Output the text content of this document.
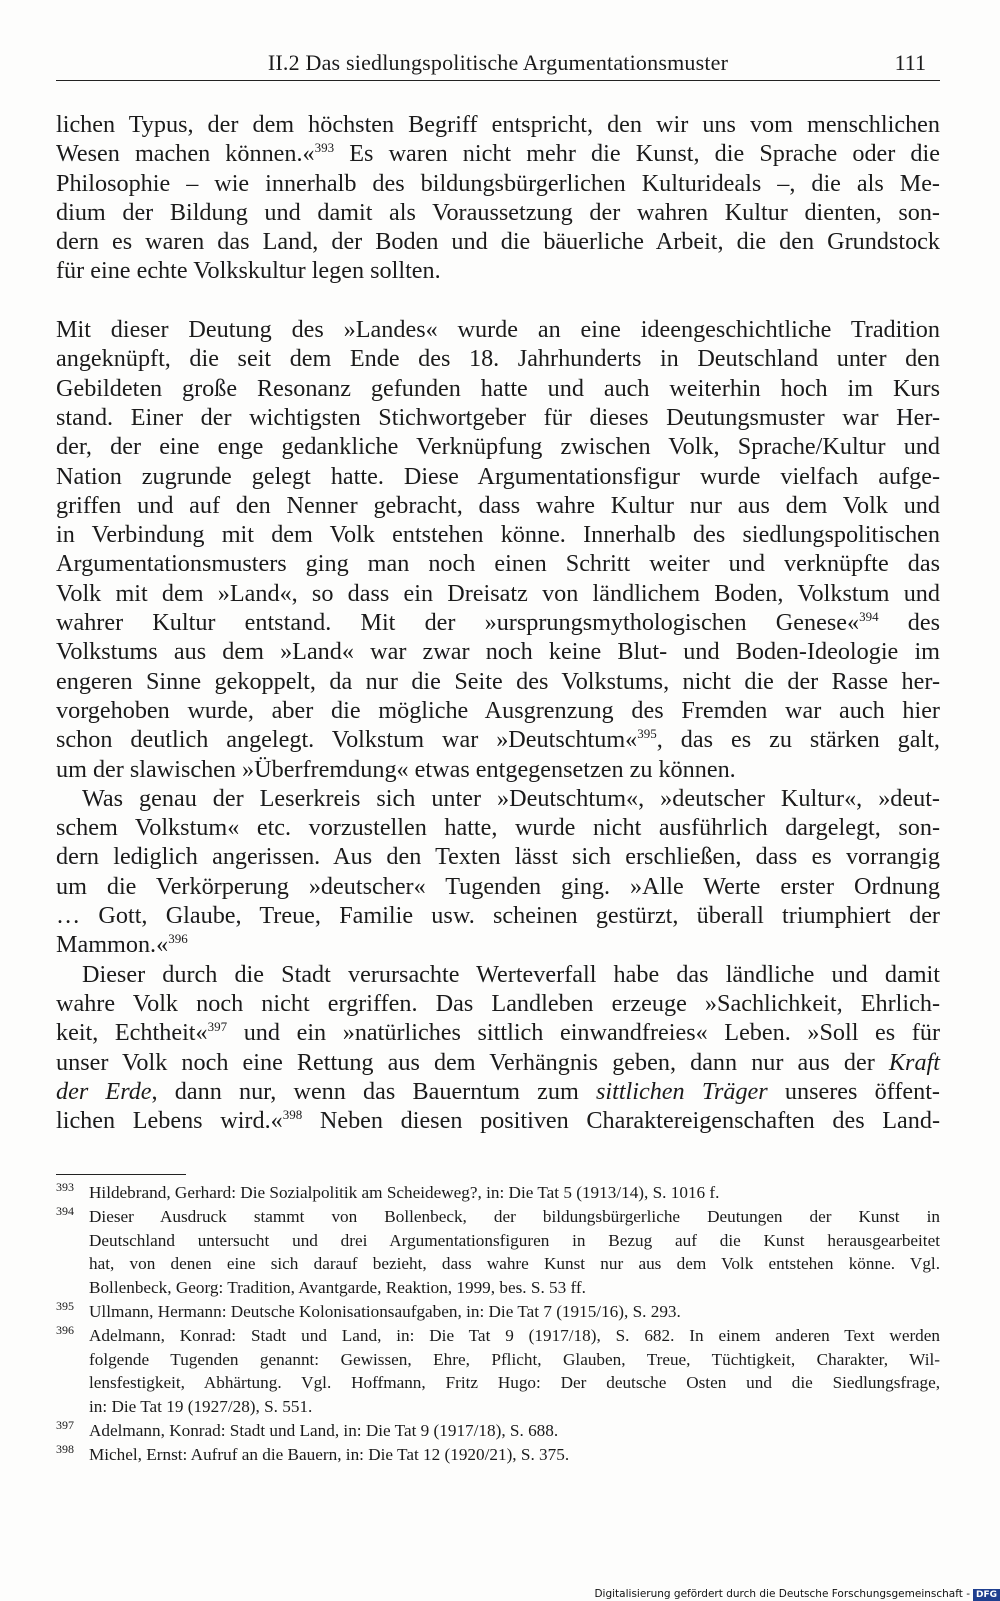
II.2 Das siedlungspolitische Argumentationsmuster	111
lichen Typus, der dem höchsten Begriff entspricht, den wir uns vom menschlichen
Wesen machen können.«$^{393}$ Es waren nicht mehr die Kunst, die Sprache oder die
Philosophie – wie innerhalb des bildungsbürgerlichen Kulturideals –, die als Me-
dium der Bildung und damit als Voraussetzung der wahren Kultur dienten, son-
dern es waren das Land, der Boden und die bäuerliche Arbeit, die den Grundstock
für eine echte Volkskultur legen sollten.
Mit dieser Deutung des »Landes« wurde an eine ideengeschichtliche Tradition
angeknüpft, die seit dem Ende des 18. Jahrhunderts in Deutschland unter den
Gebildeten große Resonanz gefunden hatte und auch weiterhin hoch im Kurs
stand. Einer der wichtigsten Stichwortgeber für dieses Deutungsmuster war Her-
der, der eine enge gedankliche Verknüpfung zwischen Volk, Sprache/Kultur und
Nation zugrunde gelegt hatte. Diese Argumentationsfigur wurde vielfach aufge-
griffen und auf den Nenner gebracht, dass wahre Kultur nur aus dem Volk und
in Verbindung mit dem Volk entstehen könne. Innerhalb des siedlungspolitischen
Argumentationsmusters ging man noch einen Schritt weiter und verknüpfte das
Volk mit dem »Land«, so dass ein Dreisatz von ländlichem Boden, Volkstum und
wahrer Kultur entstand. Mit der »ursprungsmythologischen Genese«$^{394}$ des
Volkstums aus dem »Land« war zwar noch keine Blut- und Boden-Ideologie im
engeren Sinne gekoppelt, da nur die Seite des Volkstums, nicht die der Rasse her-
vorgehoben wurde, aber die mögliche Ausgrenzung des Fremden war auch hier
schon deutlich angelegt. Volkstum war »Deutschtum«$^{395}$, das es zu stärken galt,
um der slawischen »Überfremdung« etwas entgegensetzen zu können.
Was genau der Leserkreis sich unter »Deutschtum«, »deutscher Kultur«, »deut-
schem Volkstum« etc. vorzustellen hatte, wurde nicht ausführlich dargelegt, son-
dern lediglich angerissen. Aus den Texten lässt sich erschließen, dass es vorrangig
um die Verkörperung »deutscher« Tugenden ging. »Alle Werte erster Ordnung
… Gott, Glaube, Treue, Familie usw. scheinen gestürzt, überall triumphiert der
Mammon.«$^{396}$
Dieser durch die Stadt verursachte Werteverfall habe das ländliche und damit
wahre Volk noch nicht ergriffen. Das Landleben erzeuge »Sachlichkeit, Ehrlich-
keit, Echtheit«$^{397}$ und ein »natürliches sittlich einwandfreies« Leben. »Soll es für
unser Volk noch eine Rettung aus dem Verhängnis geben, dann nur aus der Kraft
der Erde, dann nur, wenn das Bauerntum zum sittlichen Träger unseres öffent-
lichen Lebens wird.«$^{398}$ Neben diesen positiven Charaktereigenschaften des Land-
393 Hildebrand, Gerhard: Die Sozialpolitik am Scheideweg?, in: Die Tat 5 (1913/14), S. 1016 f.
394 Dieser Ausdruck stammt von Bollenbeck, der bildungsbürgerliche Deutungen der Kunst in
Deutschland untersucht und drei Argumentationsfiguren in Bezug auf die Kunst herausgearbeitet
hat, von denen eine sich darauf bezieht, dass wahre Kunst nur aus dem Volk entstehen könne. Vgl.
Bollenbeck, Georg: Tradition, Avantgarde, Reaktion, 1999, bes. S. 53 ff.
395 Ullmann, Hermann: Deutsche Kolonisationsaufgaben, in: Die Tat 7 (1915/16), S. 293.
396 Adelmann, Konrad: Stadt und Land, in: Die Tat 9 (1917/18), S. 682. In einem anderen Text werden
folgende Tugenden genannt: Gewissen, Ehre, Pflicht, Glauben, Treue, Tüchtigkeit, Charakter, Wil-
lensfestigkeit, Abhärtung. Vgl. Hoffmann, Fritz Hugo: Der deutsche Osten und die Siedlungsfrage,
in: Die Tat 19 (1927/28), S. 551.
397 Adelmann, Konrad: Stadt und Land, in: Die Tat 9 (1917/18), S. 688.
398 Michel, Ernst: Aufruf an die Bauern, in: Die Tat 12 (1920/21), S. 375.
Digitalisierung gefördert durch die Deutsche Forschungsgemeinschaft - DFG
